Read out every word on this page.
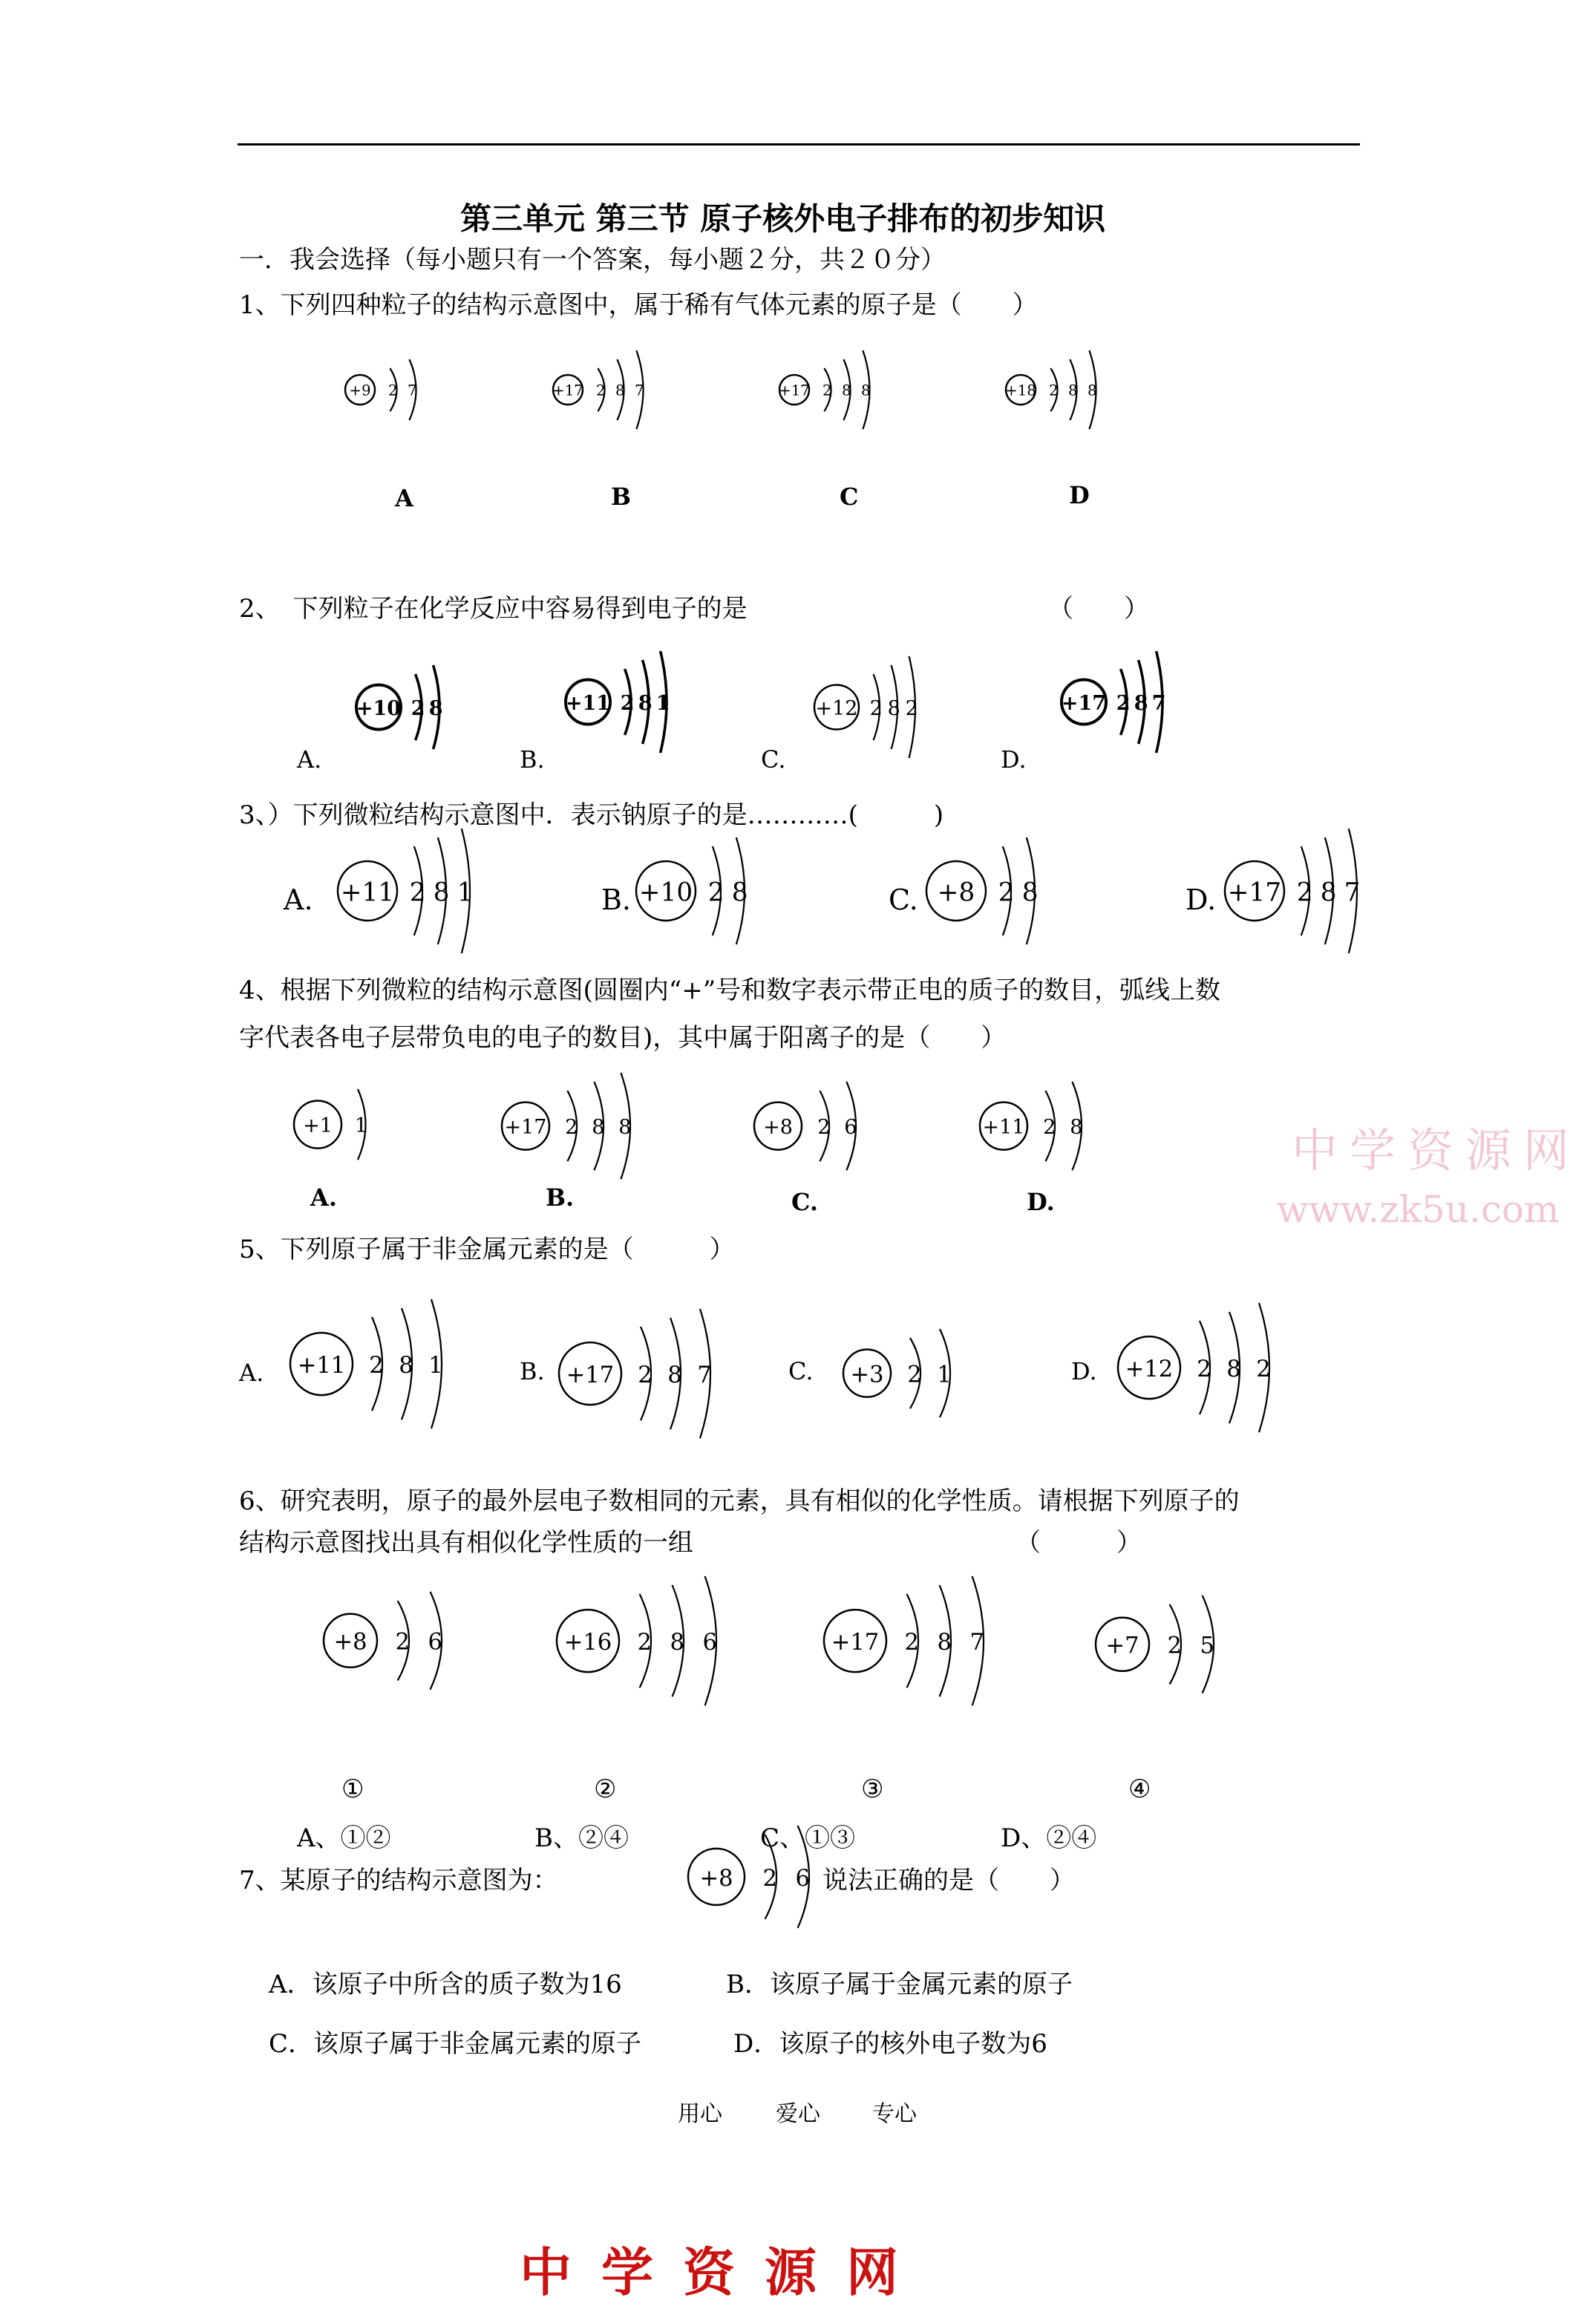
第三单元 第三节 原子核外电子排布的初步知识
一．我会选择（每小题只有一个答案，每小题２分，共２０分）
1、下列四种粒子的结构示意图中，属于稀有气体元素的原子是（　　）
+9 2 7	+17 2 8 7	+17 2 8 8	+18 2 8 8
A	B	C	D
2、　下列粒子在化学反应中容易得到电子的是	（　　）
+10 2 8	+11 2 8 1	+12 2 8 2	+17 2 8 7
A.	B.	C.	D.
3、）下列微粒结构示意图中．表示钠原子的是…………(　　　)
A.	B.	C.	D.
+11 2 8 1	+10 2 8	+8 2 8	+17 2 8 7
4、根据下列微粒的结构示意图(圆圈内“+”号和数字表示带正电的质子的数目，弧线上数
字代表各电子层带负电的电子的数目)，其中属于阳离子的是（　　）
+1 1	+17 2 8 8	+8 2 6	+11 2 8
A.	B.	C.	D.
中学资源网
www.zk5u.com
5、下列原子属于非金属元素的是（　　　）
A.	B.	C.	D.
+11 2 8 1	+17 2 8 7	+3 2 1	+12 2 8 2
6、研究表明，原子的最外层电子数相同的元素，具有相似的化学性质。请根据下列原子的
结构示意图找出具有相似化学性质的一组	（　　　）
+8 2 6	+16 2 8 6	+17 2 8 7	+7 2 5
①	②	③	④
A、①②	B、②④	C、①③	D、②④
7、某原子的结构示意图为：	+8 2 6 说法正确的是（　　）
A．该原子中所含的质子数为16	B．该原子属于金属元素的原子
C．该原子属于非金属元素的原子	D．该原子的核外电子数为6
用心 爱心 专心
中学资源网
